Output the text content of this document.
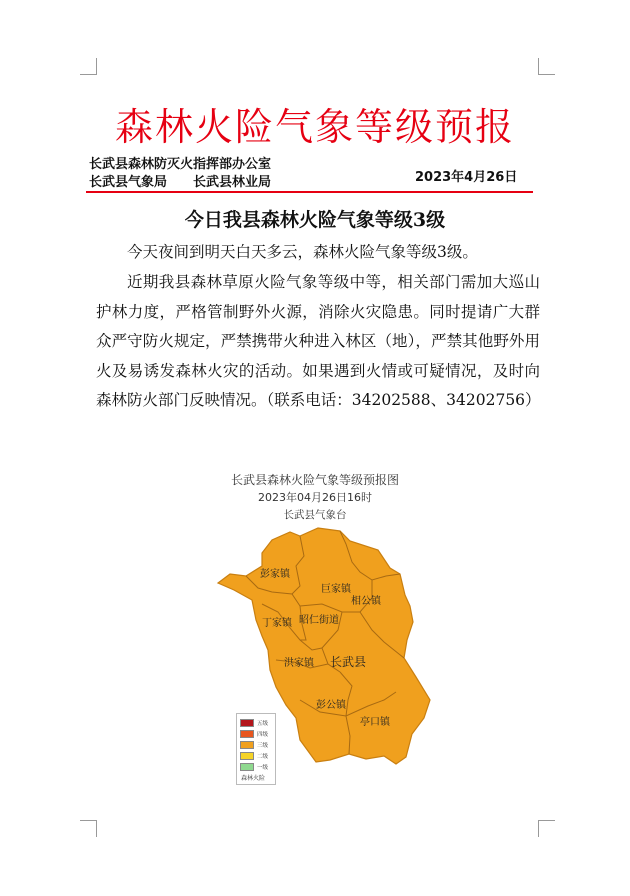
森林火险气象等级预报
长武县森林防灭火指挥部办公室
长武县气象局 长武县林业局	2023年4月26日
今日我县森林火险气象等级3级
今天夜间到明天白天多云，森林火险气象等级3级。
近期我县森林草原火险气象等级中等，相关部门需加大巡山护林力度，严格管制野外火源，消除火灾隐患。同时提请广大群众严守防火规定，严禁携带火种进入林区（地），严禁其他野外用火及易诱发森林火灾的活动。如果遇到火情或可疑情况，及时向森林防火部门反映情况。（联系电话：34202588、34202756）
长武县森林火险气象等级预报图
2023年04月26日16时
长武县气象台
彭家镇
巨家镇
相公镇
丁家镇 昭仁街道
洪家镇 长武县
彭公镇
亭口镇
五级
四级
三级
二级
一级
森林火险
